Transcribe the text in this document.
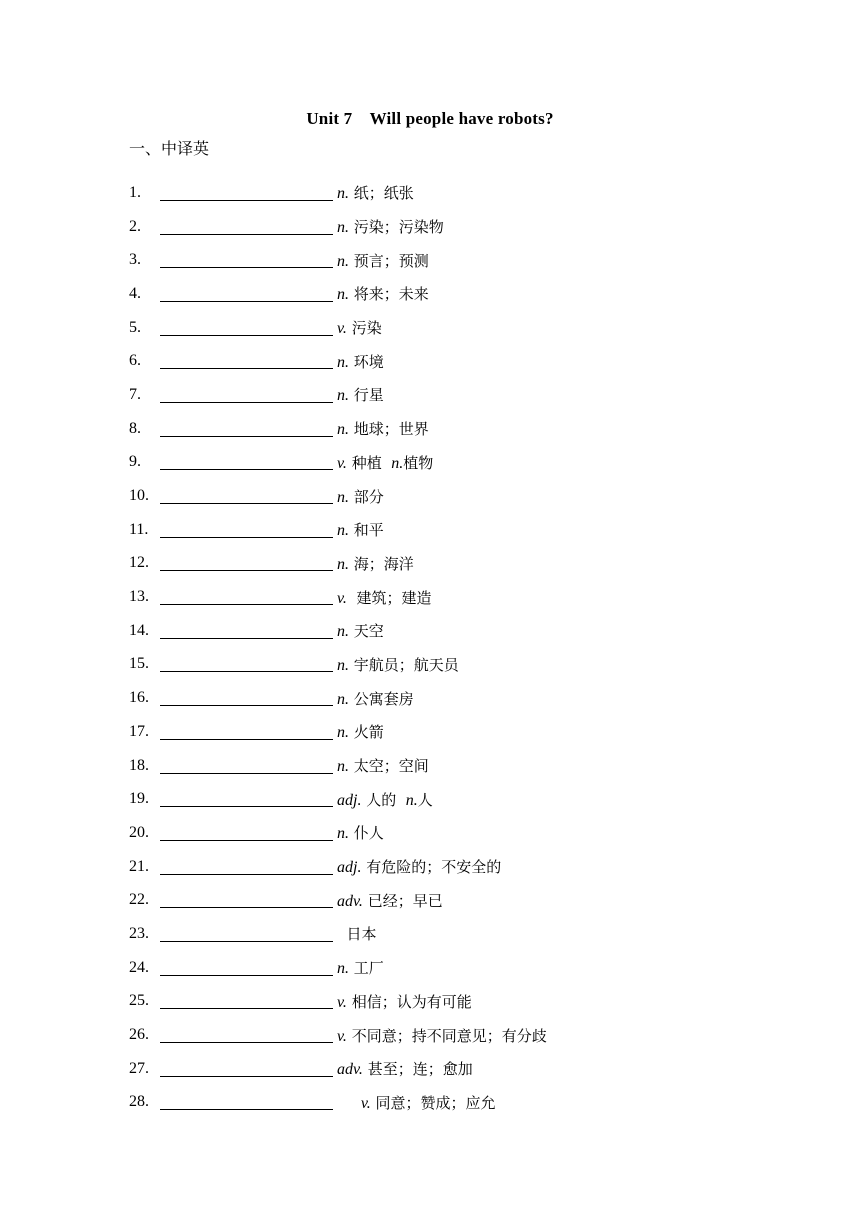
Unit 7　Will people have robots?
一、中译英
1.	n. 纸；纸张
2.	n. 污染；污染物
3.	n. 预言；预测
4.	n. 将来；未来
5.	v. 污染
6.	n. 环境
7.	n. 行星
8.	n. 地球；世界
9.	v. 种植  n.植物
10.	n. 部分
11.	n. 和平
12.	n. 海；海洋
13.	v.  建筑；建造
14.	n. 天空
15.	n. 宇航员；航天员
16.	n. 公寓套房
17.	n. 火箭
18.	n. 太空；空间
19.	adj. 人的  n.人
20.	n. 仆人
21.	adj. 有危险的；不安全的
22.	adv. 已经；早已
23.	日本
24.	n. 工厂
25.	v. 相信；认为有可能
26.	v. 不同意；持不同意见；有分歧
27.	adv. 甚至；连；愈加
28.	v. 同意；赞成；应允
